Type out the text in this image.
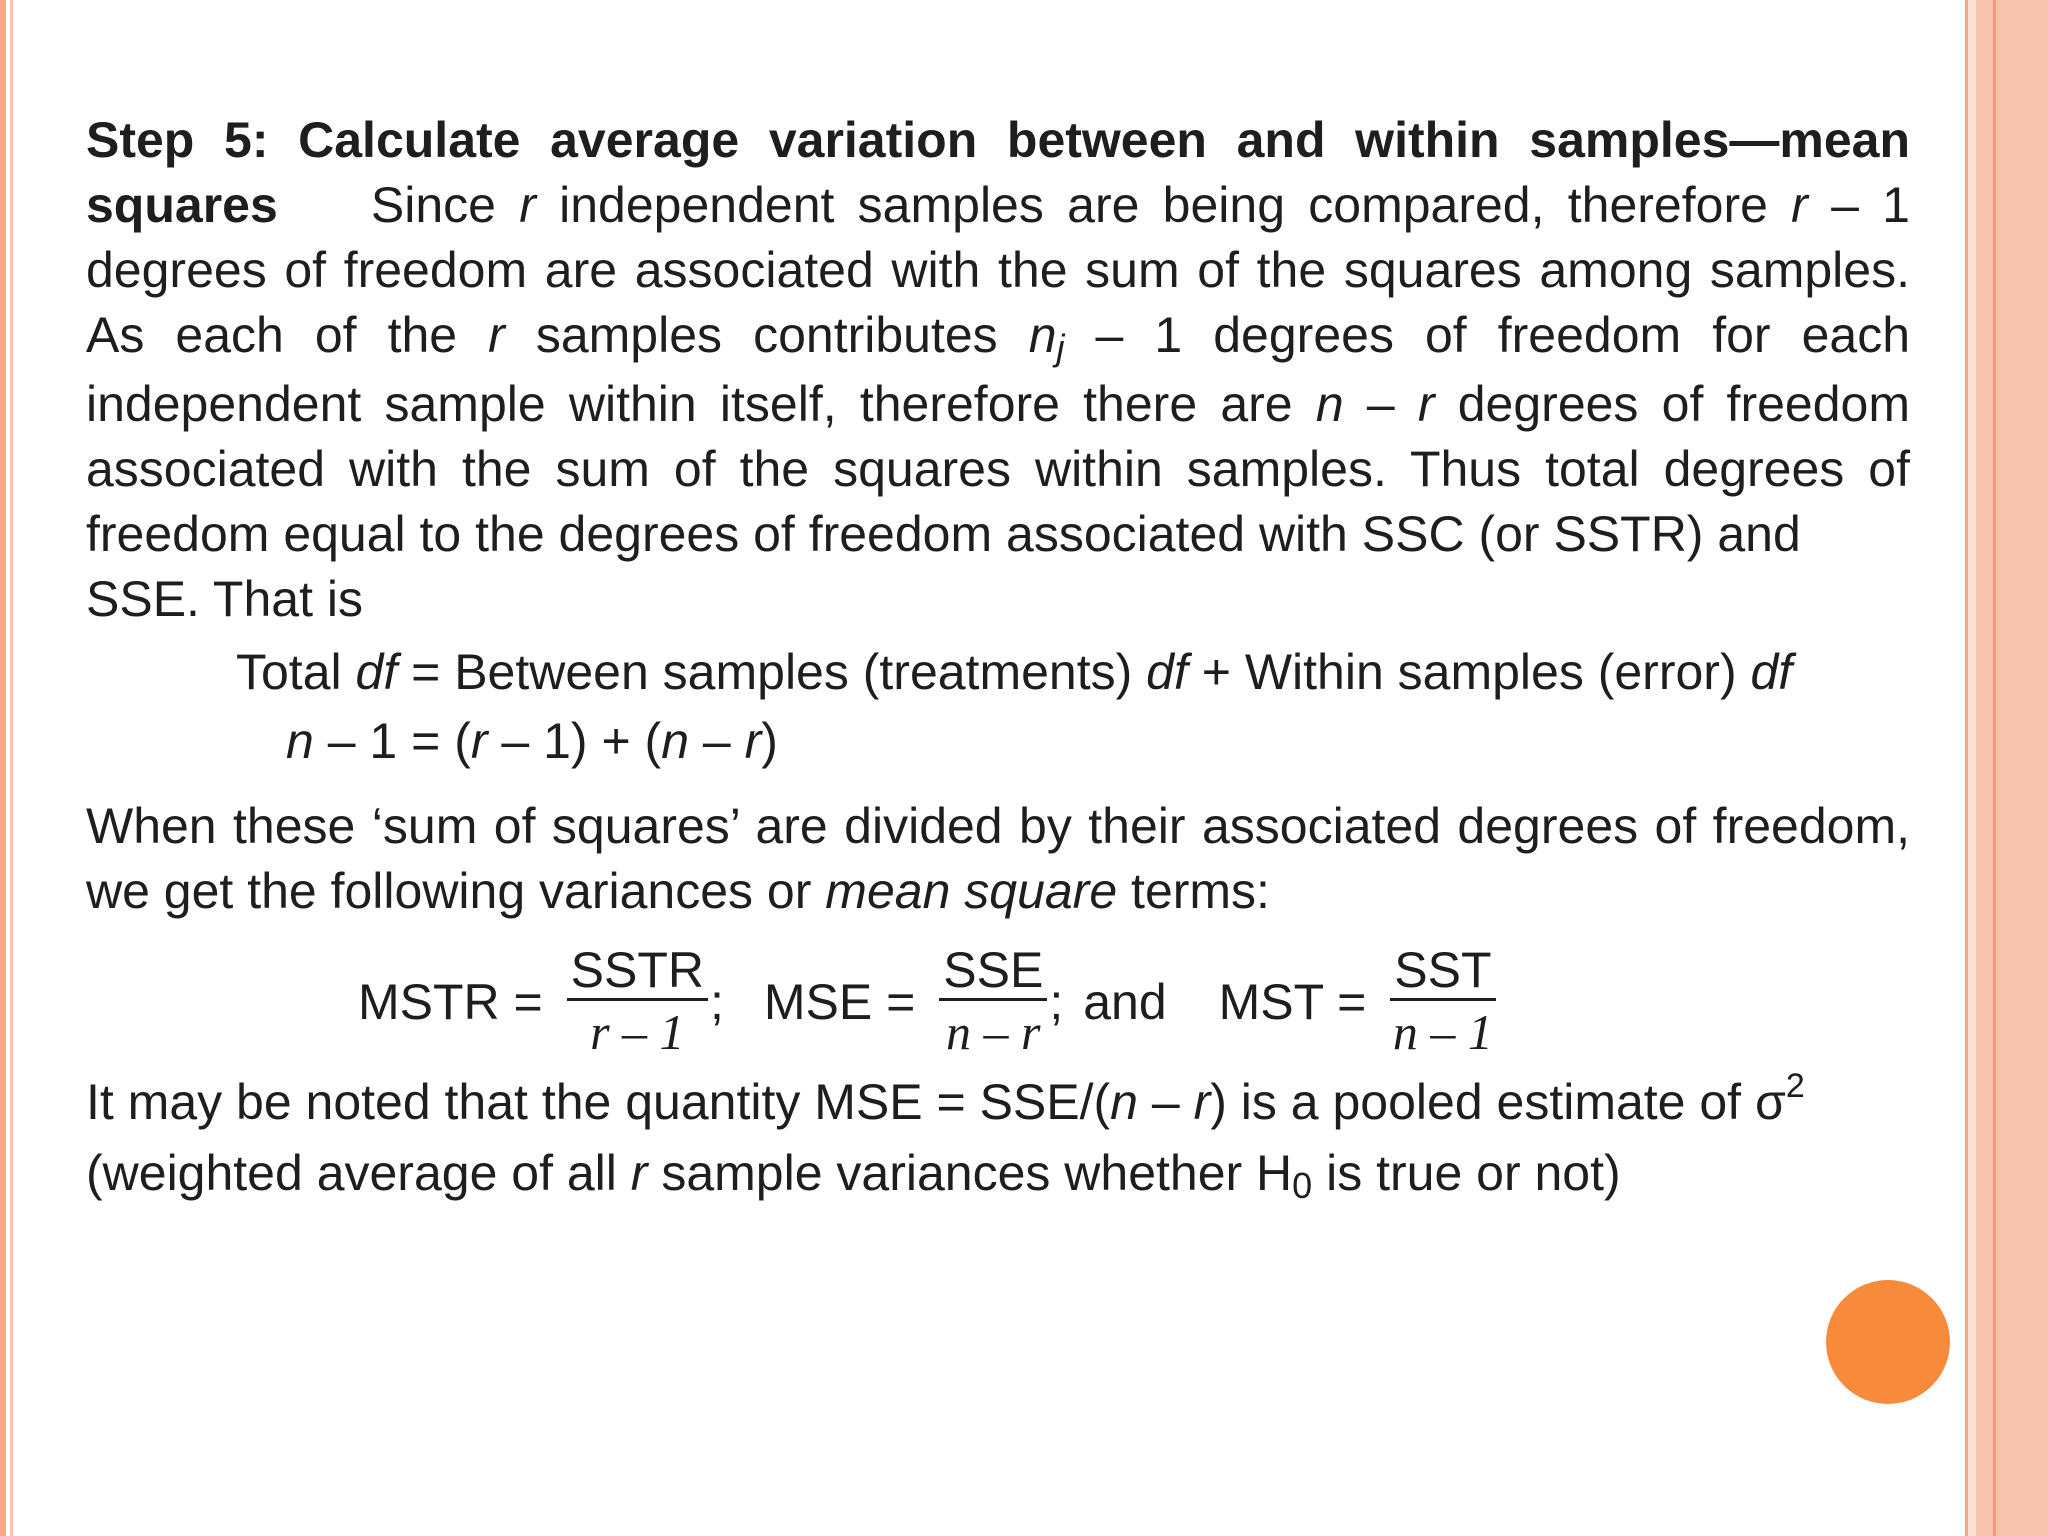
Step 5: Calculate average variation between and within samples—mean squares Since r independent samples are being compared, therefore r – 1 degrees of freedom are associated with the sum of the squares among samples. As each of the r samples contributes $n_j - 1$ degrees of freedom for each independent sample within itself, therefore there are n – r degrees of freedom associated with the sum of the squares within samples. Thus total degrees of freedom equal to the degrees of freedom associated with SSC (or SSTR) and

SSE. That is
Total df = Between samples (treatments) df + Within samples (error) df
n – 1 = (r – 1) + (n – r)

When these ‘sum of squares’ are divided by their associated degrees of freedom, we get the following variances or mean square terms:

MSTR = $\frac{\text{SSTR}}{r - 1}$ ; MSE = $\frac{\text{SSE}}{n - r}$ ; and MST = $\frac{\text{SST}}{n - 1}$
It may be noted that the quantity MSE = SSE/(n – r) is a pooled estimate of $\sigma^2$
(weighted average of all r sample variances whether $H_0$ is true or not)
